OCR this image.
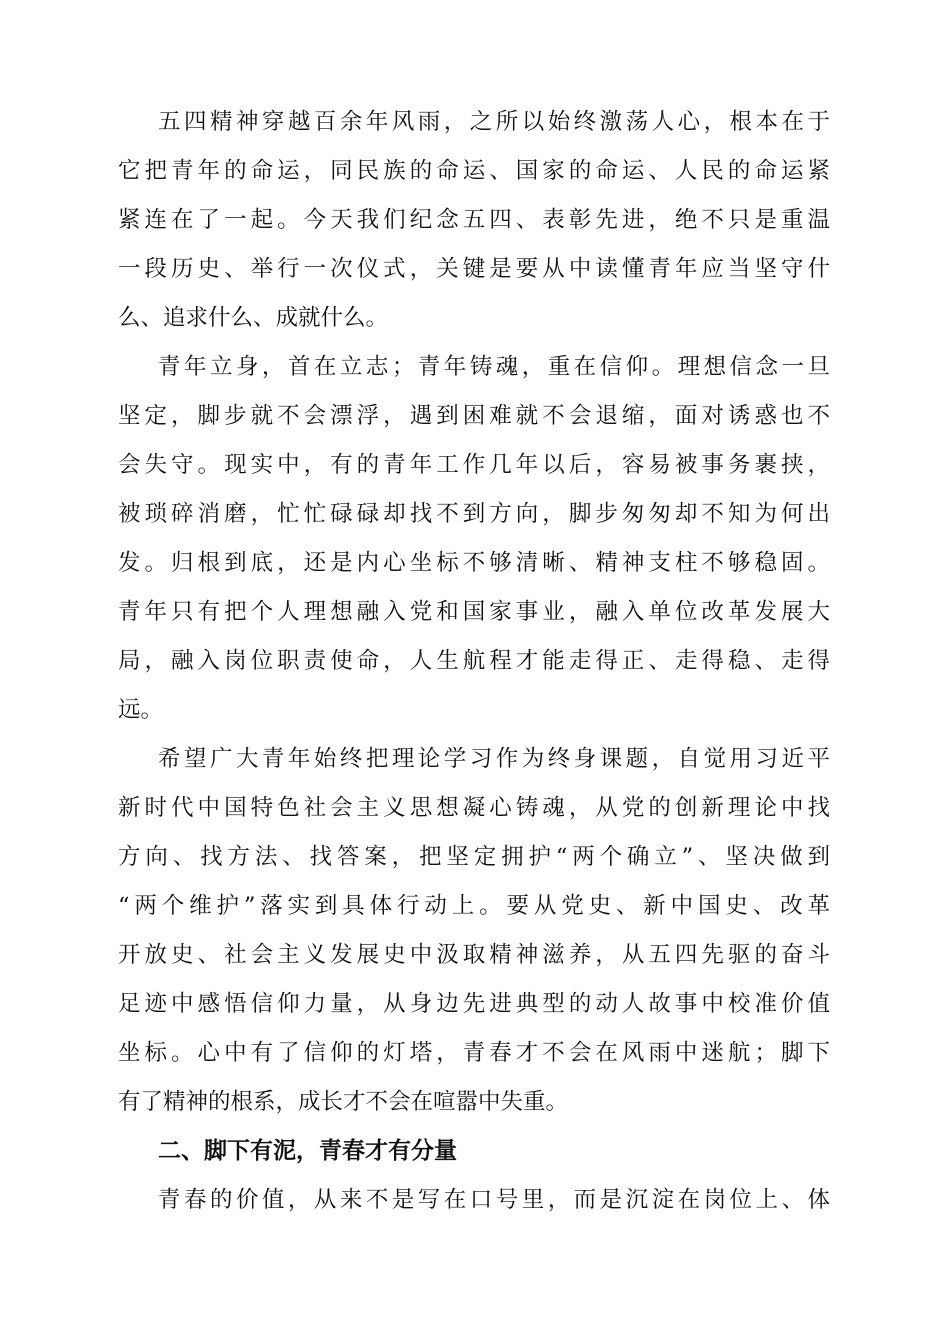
五四精神穿越百余年风雨，之所以始终激荡人心，根本在于
它把青年的命运，同民族的命运、国家的命运、人民的命运紧
紧连在了一起。今天我们纪念五四、表彰先进，绝不只是重温
一段历史、举行一次仪式，关键是要从中读懂青年应当坚守什
么、追求什么、成就什么。
青年立身，首在立志；青年铸魂，重在信仰。理想信念一旦
坚定，脚步就不会漂浮，遇到困难就不会退缩，面对诱惑也不
会失守。现实中，有的青年工作几年以后，容易被事务裹挟，
被琐碎消磨，忙忙碌碌却找不到方向，脚步匆匆却不知为何出
发。归根到底，还是内心坐标不够清晰、精神支柱不够稳固。
青年只有把个人理想融入党和国家事业，融入单位改革发展大
局，融入岗位职责使命，人生航程才能走得正、走得稳、走得
远。
希望广大青年始终把理论学习作为终身课题，自觉用习近平
新时代中国特色社会主义思想凝心铸魂，从党的创新理论中找
方向、找方法、找答案，把坚定拥护“两个确立”、坚决做到
“两个维护”落实到具体行动上。要从党史、新中国史、改革
开放史、社会主义发展史中汲取精神滋养，从五四先驱的奋斗
足迹中感悟信仰力量，从身边先进典型的动人故事中校准价值
坐标。心中有了信仰的灯塔，青春才不会在风雨中迷航；脚下
有了精神的根系，成长才不会在喧嚣中失重。
二、脚下有泥，青春才有分量
青春的价值，从来不是写在口号里，而是沉淀在岗位上、体
